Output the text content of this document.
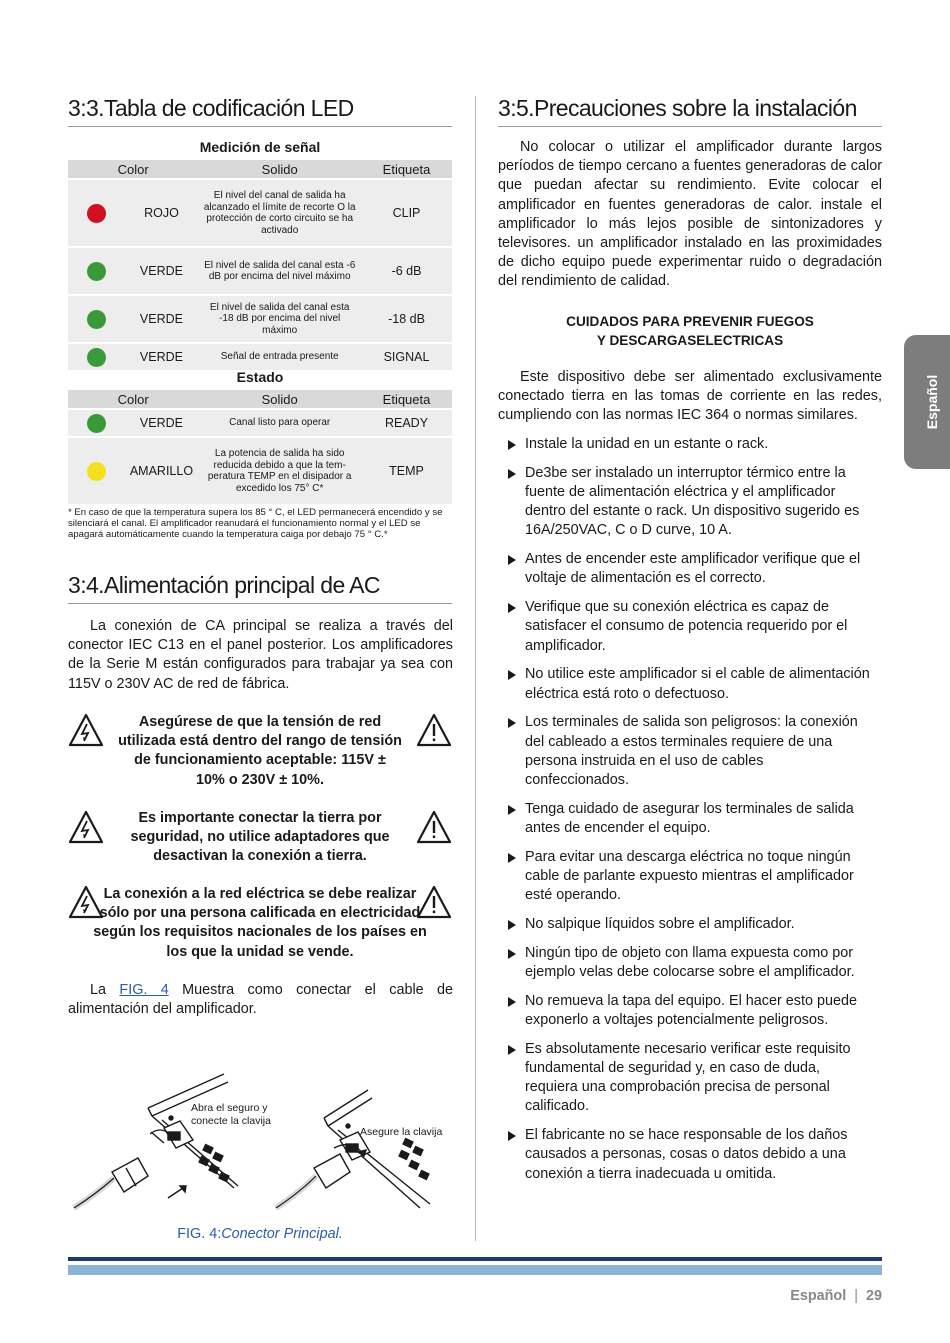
3:3.Tabla de codificación LED
Medición de señal
Color		Solido	Etiqueta
	ROJO	El nivel del canal de salida ha alcanzado el límite de recorte O la protección de corto circuito se ha activado	CLIP
	VERDE	El nivel de salida del canal esta -6 dB por encima del nivel máximo	-6 dB
	VERDE	El nivel de salida del canal esta -18 dB por encima del nivel máximo	-18 dB
	VERDE	Señal de entrada presente	SIGNAL
Estado
Color		Solido	Etiqueta
	VERDE	Canal listo para operar	READY
	AMARILLO	La potencia de salida ha sido reducida debido a que la tem-peratura TEMP en el disipador a excedido los 75° C*	TEMP
* En caso de que la temperatura supera los 85 ° C, el LED permanecerá encendido y se silenciará el canal. El amplificador reanudará el funcionamiento normal y el LED se apagará automáticamente cuando la temperatura caiga por debajo 75 ° C.*
3:4.Alimentación principal de AC
La conexión de CA principal se realiza a través del conector IEC C13 en el panel posterior. Los amplificadores de la Serie M están configurados para trabajar ya sea con 115V o 230V AC de red de fábrica.
Asegúrese de que la tensión de red utilizada está dentro del rango de tensión de funcionamiento aceptable: 115V ± 10% o 230V ± 10%.
Es importante conectar la tierra por seguridad, no utilice adaptadores que desactivan la conexión a tierra.
La conexión a la red eléctrica se debe realizar sólo por una persona calificada en electricidad según los requisitos nacionales de los países en los que la unidad se vende.
La FIG. 4 Muestra como conectar el cable de alimentación del amplificador.
Abra el seguro y conecte la clavija
Asegure la clavija
FIG. 4:Conector Principal.
3:5.Precauciones sobre la instalación
No colocar o utilizar el amplificador durante largos períodos de tiempo cercano a fuentes generadoras de calor que puedan afectar su rendimiento. Evite colocar el amplificador en fuentes generadoras de calor. instale el amplificador lo más lejos posible de sintonizadores y televisores. un amplificador instalado en las proximidades de dicho equipo puede experimentar ruido o degradación del rendimiento de calidad.
CUIDADOS PARA PREVENIR FUEGOS
Y DESCARGASELECTRICAS
Este dispositivo debe ser alimentado exclusivamente conectado tierra en las tomas de corriente en las redes, cumpliendo con las normas IEC 364 o normas similares.
Instale la unidad en un estante o rack.
De3be ser instalado un interruptor térmico entre la fuente de alimentación eléctrica y el amplificador dentro del estante o rack. Un dispositivo sugerido es 16A/250VAC, C o D curve, 10 A.
Antes de encender este amplificador verifique que el voltaje de alimentación es el correcto.
Verifique que su conexión eléctrica es capaz de satisfacer el consumo de potencia requerido por el amplificador.
No utilice este amplificador si el cable de alimentación eléctrica está roto o defectuoso.
Los terminales de salida son peligrosos: la conexión del cableado a estos terminales requiere de una persona instruida en el uso de cables confeccionados.
Tenga cuidado de asegurar los terminales de salida antes de encender el equipo.
Para evitar una descarga eléctrica no toque ningún cable de parlante expuesto mientras el amplificador esté operando.
No salpique líquidos sobre el amplificador.
Ningún tipo de objeto con llama expuesta como por ejemplo velas debe colocarse sobre el amplificador.
No remueva la tapa del equipo. El hacer esto puede exponerlo a voltajes potencialmente peligrosos.
Es absolutamente necesario verificar este requisito fundamental de seguridad y, en caso de duda, requiera una comprobación precisa de personal calificado.
El fabricante no se hace responsable de los daños causados a personas, cosas o datos debido a una conexión a tierra inadecuada u omitida.
Español
Español | 29
